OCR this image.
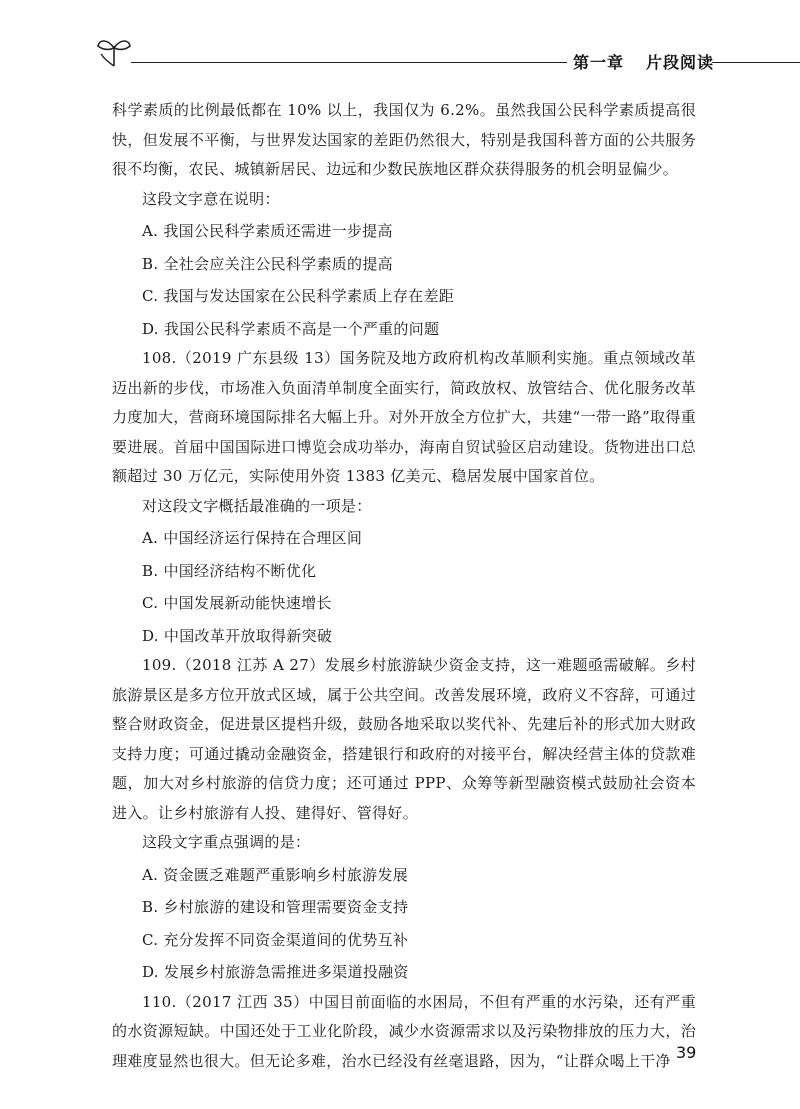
第一章 片段阅读

科学素质的比例最低都在 10% 以上，我国仅为 6.2%。虽然我国公民科学素质提高很快，但发展不平衡，与世界发达国家的差距仍然很大，特别是我国科普方面的公共服务很不均衡，农民、城镇新居民、边远和少数民族地区群众获得服务的机会明显偏少。

这段文字意在说明：

A. 我国公民科学素质还需进一步提高

B. 全社会应关注公民科学素质的提高

C. 我国与发达国家在公民科学素质上存在差距

D. 我国公民科学素质不高是一个严重的问题

108.（2019 广东县级 13）国务院及地方政府机构改革顺利实施。重点领域改革迈出新的步伐，市场准入负面清单制度全面实行，简政放权、放管结合、优化服务改革力度加大，营商环境国际排名大幅上升。对外开放全方位扩大，共建“一带一路”取得重要进展。首届中国国际进口博览会成功举办，海南自贸试验区启动建设。货物进出口总额超过 30 万亿元，实际使用外资 1383 亿美元、稳居发展中国家首位。

对这段文字概括最准确的一项是：

A. 中国经济运行保持在合理区间

B. 中国经济结构不断优化

C. 中国发展新动能快速增长

D. 中国改革开放取得新突破

109.（2018 江苏 A 27）发展乡村旅游缺少资金支持，这一难题亟需破解。乡村旅游景区是多方位开放式区域，属于公共空间。改善发展环境，政府义不容辞，可通过整合财政资金，促进景区提档升级，鼓励各地采取以奖代补、先建后补的形式加大财政支持力度；可通过撬动金融资金，搭建银行和政府的对接平台，解决经营主体的贷款难题，加大对乡村旅游的信贷力度；还可通过 PPP、众筹等新型融资模式鼓励社会资本进入。让乡村旅游有人投、建得好、管得好。

这段文字重点强调的是：

A. 资金匮乏难题严重影响乡村旅游发展

B. 乡村旅游的建设和管理需要资金支持

C. 充分发挥不同资金渠道间的优势互补

D. 发展乡村旅游急需推进多渠道投融资

110.（2017 江西 35）中国目前面临的水困局，不但有严重的水污染，还有严重的水资源短缺。中国还处于工业化阶段，减少水资源需求以及污染物排放的压力大，治理难度显然也很大。但无论多难，治水已经没有丝毫退路，因为，“让群众喝上干净 39
